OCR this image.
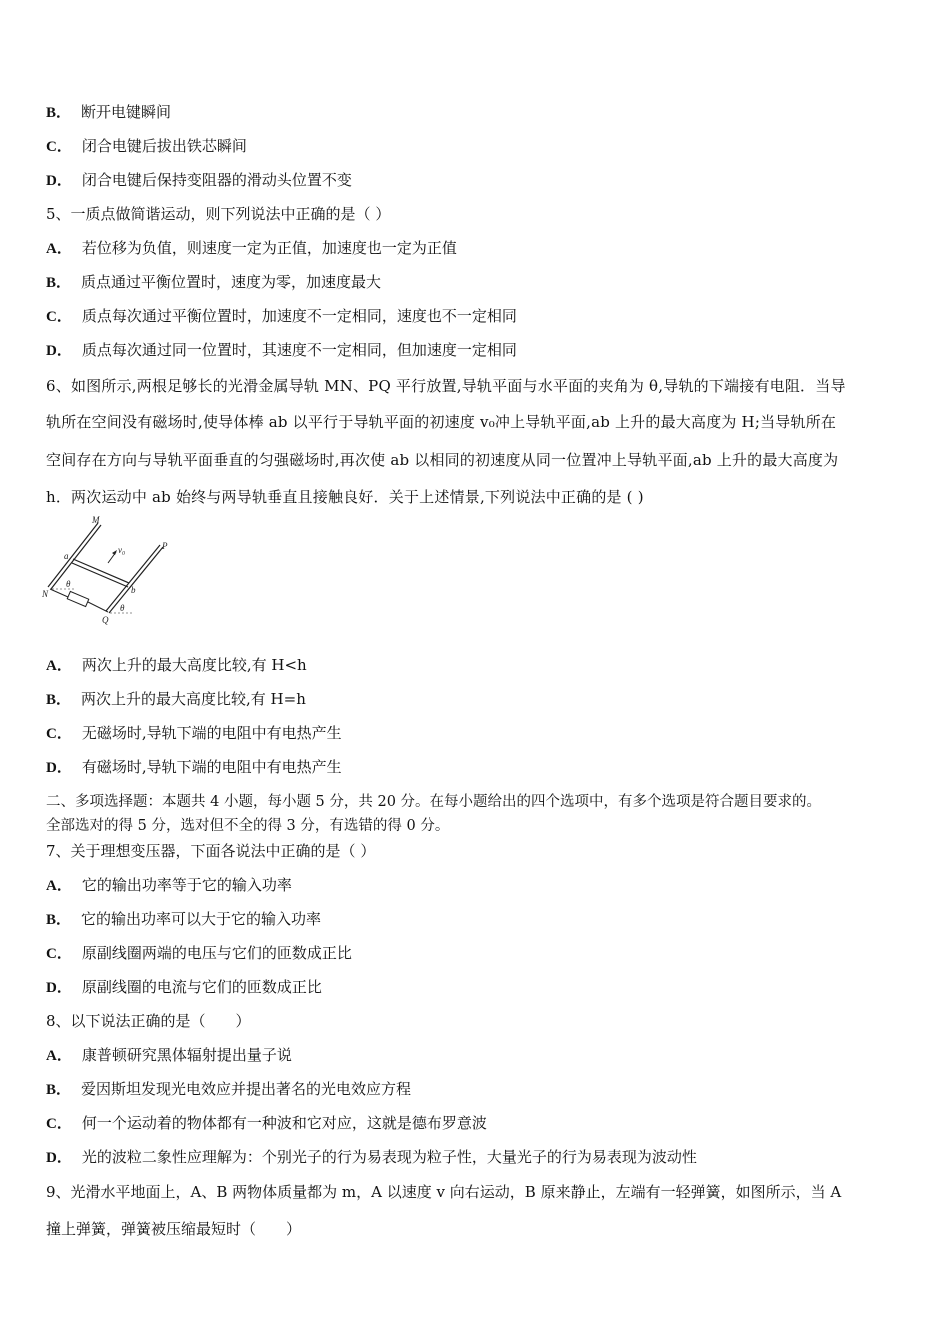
B． 断开电键瞬间
C． 闭合电键后拔出铁芯瞬间
D． 闭合电键后保持变阻器的滑动头位置不变
5、一质点做简谐运动，则下列说法中正确的是（ ）
A． 若位移为负值，则速度一定为正值，加速度也一定为正值
B． 质点通过平衡位置时，速度为零，加速度最大
C． 质点每次通过平衡位置时，加速度不一定相同，速度也不一定相同
D． 质点每次通过同一位置时，其速度不一定相同，但加速度一定相同
6、如图所示,两根足够长的光滑金属导轨 MN、PQ 平行放置,导轨平面与水平面的夹角为 θ,导轨的下端接有电阻．当导
轨所在空间没有磁场时,使导体棒 ab 以平行于导轨平面的初速度 v₀冲上导轨平面,ab 上升的最大高度为 H;当导轨所在
空间存在方向与导轨平面垂直的匀强磁场时,再次使 ab 以相同的初速度从同一位置冲上导轨平面,ab 上升的最大高度为
h．两次运动中 ab 始终与两导轨垂直且接触良好．关于上述情景,下列说法中正确的是 ( )
M
P
N
Q
a
b
v₀
θ
θ
A． 两次上升的最大高度比较,有 H<h
B． 两次上升的最大高度比较,有 H=h
C． 无磁场时,导轨下端的电阻中有电热产生
D． 有磁场时,导轨下端的电阻中有电热产生
二、多项选择题：本题共 4 小题，每小题 5 分，共 20 分。在每小题给出的四个选项中，有多个选项是符合题目要求的。
全部选对的得 5 分，选对但不全的得 3 分，有选错的得 0 分。
7、关于理想变压器，下面各说法中正确的是（ ）
A． 它的输出功率等于它的输入功率
B． 它的输出功率可以大于它的输入功率
C． 原副线圈两端的电压与它们的匝数成正比
D． 原副线圈的电流与它们的匝数成正比
8、以下说法正确的是（　　）
A． 康普顿研究黑体辐射提出量子说
B． 爱因斯坦发现光电效应并提出著名的光电效应方程
C． 何一个运动着的物体都有一种波和它对应，这就是德布罗意波
D． 光的波粒二象性应理解为：个别光子的行为易表现为粒子性，大量光子的行为易表现为波动性
9、光滑水平地面上，A、B 两物体质量都为 m，A 以速度 v 向右运动，B 原来静止，左端有一轻弹簧，如图所示，当 A
撞上弹簧，弹簧被压缩最短时（　　）
